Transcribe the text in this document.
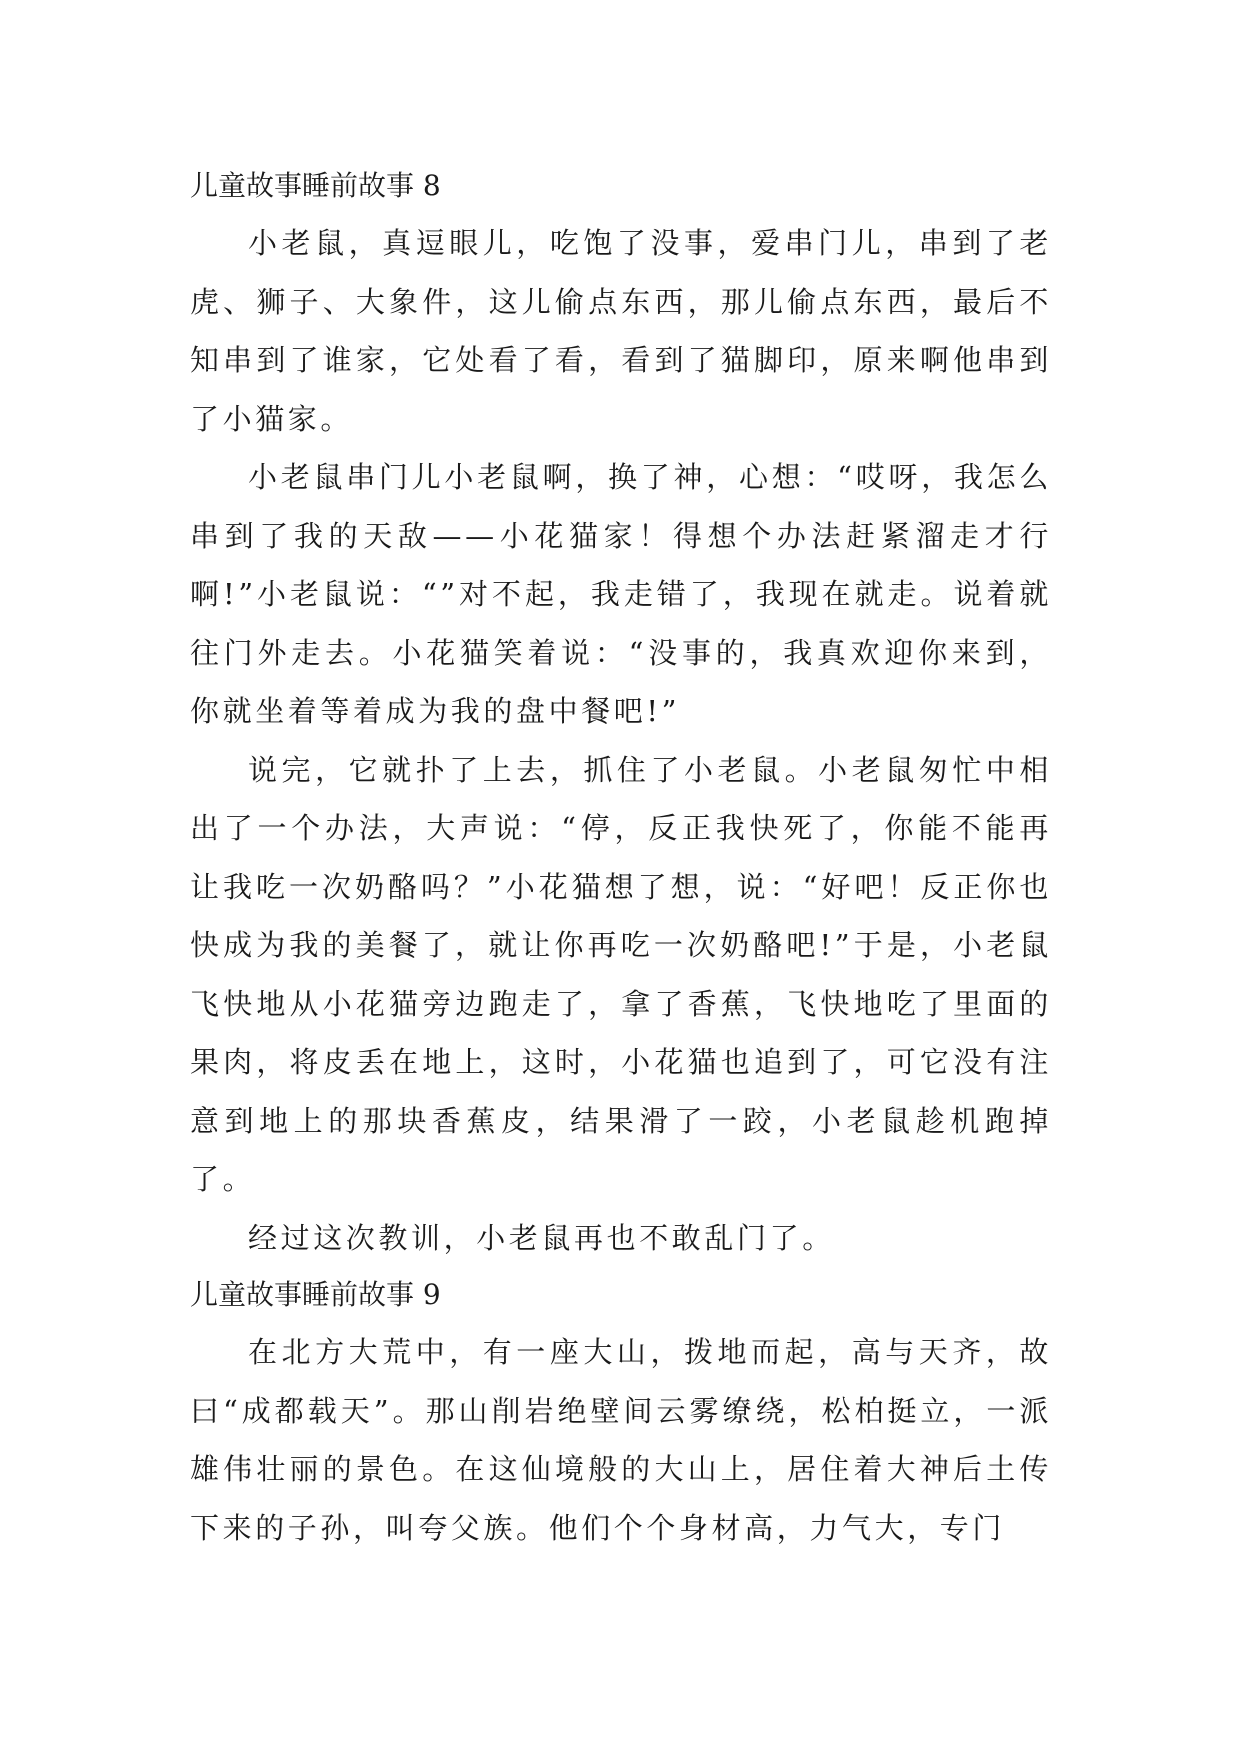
儿童故事睡前故事 8

小老鼠，真逗眼儿，吃饱了没事，爱串门儿，串到了老虎、狮子、大象件，这儿偷点东西，那儿偷点东西，最后不知串到了谁家，它处看了看，看到了猫脚印，原来啊他串到了小猫家。

小老鼠串门儿小老鼠啊，换了神，心想：“哎呀，我怎么串到了我的天敌——小花猫家！得想个办法赶紧溜走才行啊!”小老鼠说：“”对不起，我走错了，我现在就走。说着就往门外走去。小花猫笑着说：“没事的，我真欢迎你来到，你就坐着等着成为我的盘中餐吧!”

说完，它就扑了上去，抓住了小老鼠。小老鼠匆忙中相出了一个办法，大声说：“停，反正我快死了，你能不能再让我吃一次奶酪吗？”小花猫想了想，说：“好吧！反正你也快成为我的美餐了，就让你再吃一次奶酪吧!”于是，小老鼠飞快地从小花猫旁边跑走了，拿了香蕉，飞快地吃了里面的果肉，将皮丢在地上，这时，小花猫也追到了，可它没有注意到地上的那块香蕉皮，结果滑了一跤，小老鼠趁机跑掉了。

经过这次教训，小老鼠再也不敢乱门了。

儿童故事睡前故事 9

在北方大荒中，有一座大山，拨地而起，高与天齐，故曰“成都载天”。那山削岩绝壁间云雾缭绕，松柏挺立，一派雄伟壮丽的景色。在这仙境般的大山上，居住着大神后土传下来的子孙，叫夸父族。他们个个身材高，力气大，专门
